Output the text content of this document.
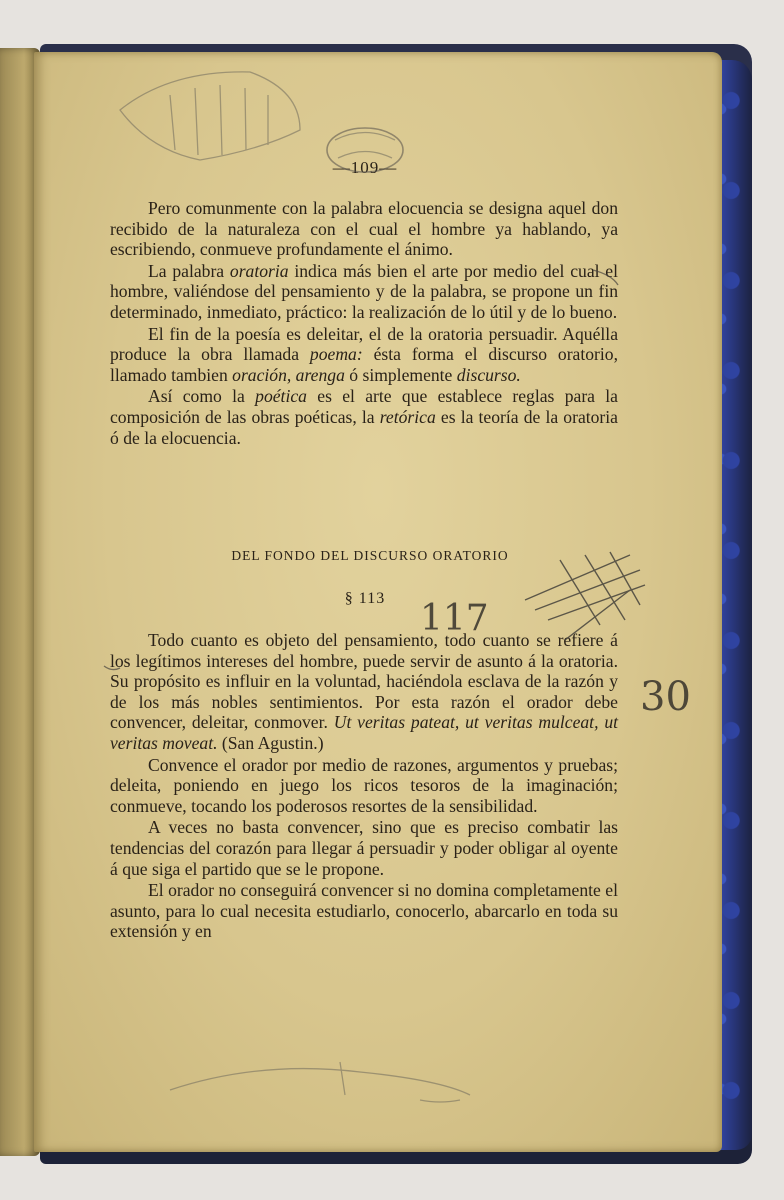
—109—

Pero comunmente con la palabra elocuencia se designa aquel don recibido de la naturaleza con el cual el hombre ya hablando, ya escribiendo, conmueve profundamente el ánimo.

La palabra oratoria indica más bien el arte por medio del cual el hombre, valiéndose del pensamiento y de la palabra, se propone un fin determinado, inmediato, práctico: la realización de lo útil y de lo bueno.

El fin de la poesía es deleitar, el de la oratoria persuadir. Aquélla produce la obra llamada poema: ésta forma el discurso oratorio, llamado tambien oración, arenga ó simplemente discurso.

Así como la poética es el arte que establece reglas para la composición de las obras poéticas, la retórica es la teoría de la oratoria ó de la elocuencia.

DEL FONDO DEL DISCURSO ORATORIO
§ 113

Todo cuanto es objeto del pensamiento, todo cuanto se refiere á los legítimos intereses del hombre, puede servir de asunto á la oratoria. Su propósito es influir en la voluntad, haciéndola esclava de la razón y de los más nobles sentimientos. Por esta razón el orador debe convencer, deleitar, conmover. Ut veritas pateat, ut veritas mulceat, ut veritas moveat. (San Agustin.)

Convence el orador por medio de razones, argumentos y pruebas; deleita, poniendo en juego los ricos tesoros de la imaginación; conmueve, tocando los poderosos resortes de la sensibilidad.

A veces no basta convencer, sino que es preciso combatir las tendencias del corazón para llegar á persuadir y poder obligar al oyente á que siga el partido que se le propone.

El orador no conseguirá convencer si no domina completamente el asunto, para lo cual necesita estudiarlo, conocerlo, abarcarlo en toda su extensión y en

117
30
